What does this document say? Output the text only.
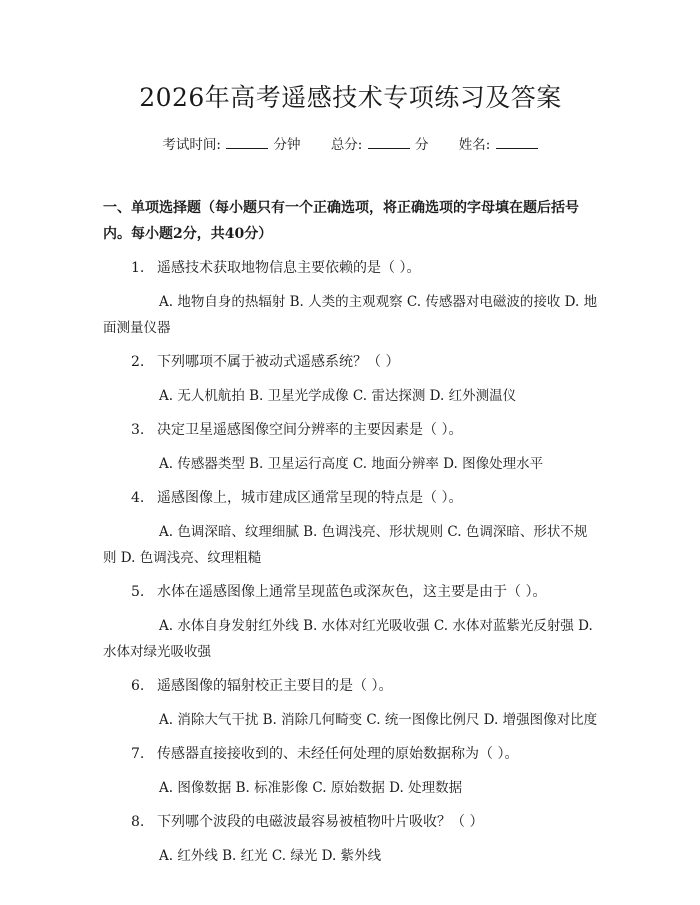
2026年高考遥感技术专项练习及答案
考试时间:	分钟 总分:	分 姓名:
一、单项选择题（每小题只有一个正确选项，将正确选项的字母填在题后括号内。每小题2分，共40分）
1. 遥感技术获取地物信息主要依赖的是（ ）。
A. 地物自身的热辐射 B. 人类的主观观察 C. 传感器对电磁波的接收 D. 地面测量仪器
2. 下列哪项不属于被动式遥感系统？（ ）
A. 无人机航拍 B. 卫星光学成像 C. 雷达探测 D. 红外测温仪
3. 决定卫星遥感图像空间分辨率的主要因素是（ ）。
A. 传感器类型 B. 卫星运行高度 C. 地面分辨率 D. 图像处理水平
4. 遥感图像上，城市建成区通常呈现的特点是（ ）。
A. 色调深暗、纹理细腻 B. 色调浅亮、形状规则 C. 色调深暗、形状不规则 D. 色调浅亮、纹理粗糙
5. 水体在遥感图像上通常呈现蓝色或深灰色，这主要是由于（ ）。
A. 水体自身发射红外线 B. 水体对红光吸收强 C. 水体对蓝紫光反射强 D. 水体对绿光吸收强
6. 遥感图像的辐射校正主要目的是（ ）。
A. 消除大气干扰 B. 消除几何畸变 C. 统一图像比例尺 D. 增强图像对比度
7. 传感器直接接收到的、未经任何处理的原始数据称为（ ）。
A. 图像数据 B. 标准影像 C. 原始数据 D. 处理数据
8. 下列哪个波段的电磁波最容易被植物叶片吸收？（ ）
A. 红外线 B. 红光 C. 绿光 D. 紫外线
